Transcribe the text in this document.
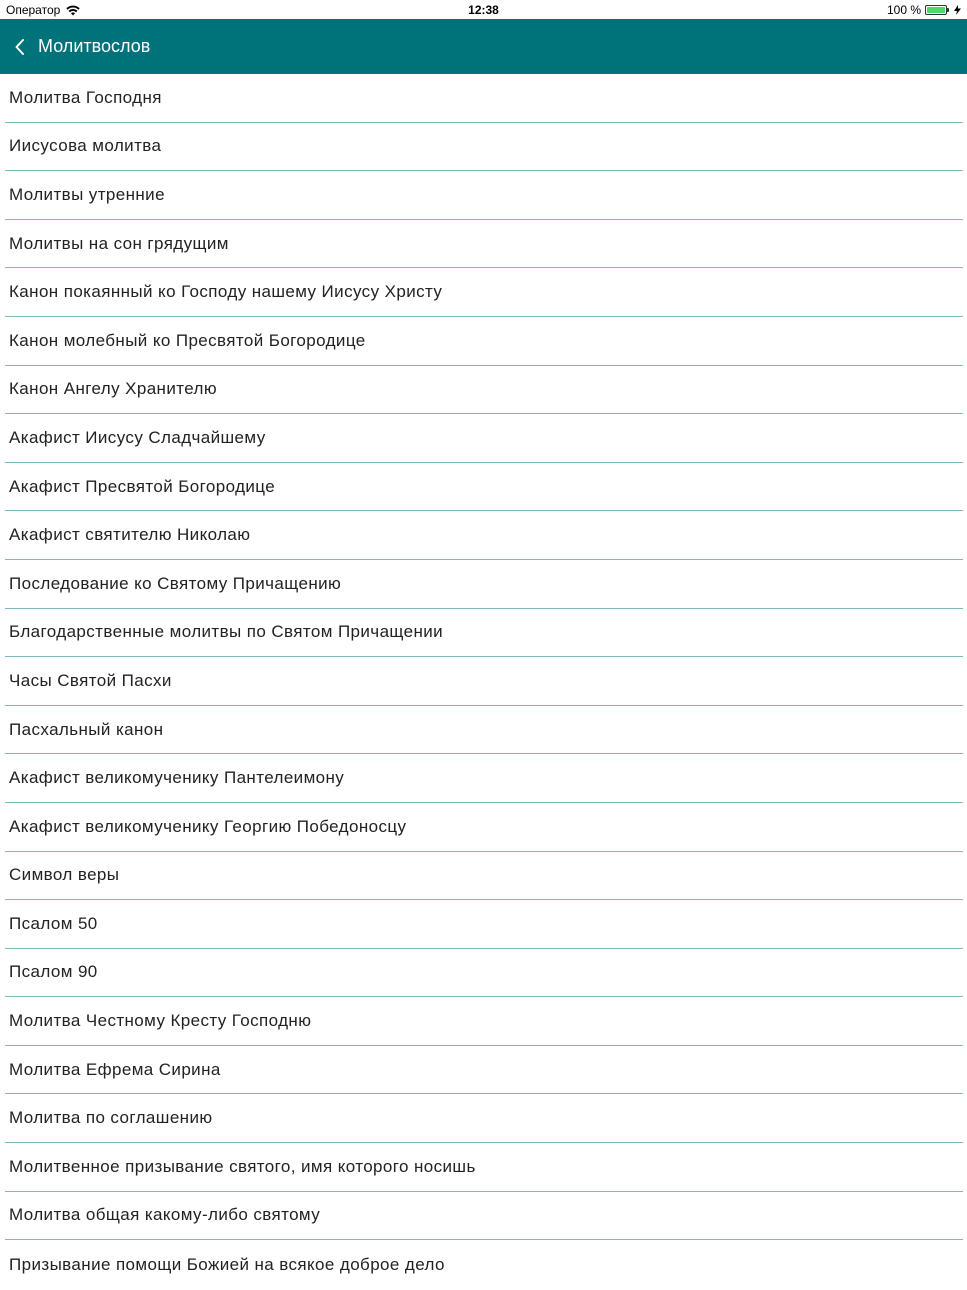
Оператор	12:38	100 %
Молитвослов
Молитва Господня
Иисусова молитва
Молитвы утренние
Молитвы на сон грядущим
Канон покаянный ко Господу нашему Иисусу Христу
Канон молебный ко Пресвятой Богородице
Канон Ангелу Хранителю
Акафист Иисусу Сладчайшему
Акафист Пресвятой Богородице
Акафист святителю Николаю
Последование ко Святому Причащению
Благодарственные молитвы по Святом Причащении
Часы Святой Пасхи
Пасхальный канон
Акафист великомученику Пантелеимону
Акафист великомученику Георгию Победоносцу
Символ веры
Псалом 50
Псалом 90
Молитва Честному Кресту Господню
Молитва Ефрема Сирина
Молитва по соглашению
Молитвенное призывание святого, имя которого носишь
Молитва общая какому-либо святому
Призывание помощи Божией на всякое доброе дело
